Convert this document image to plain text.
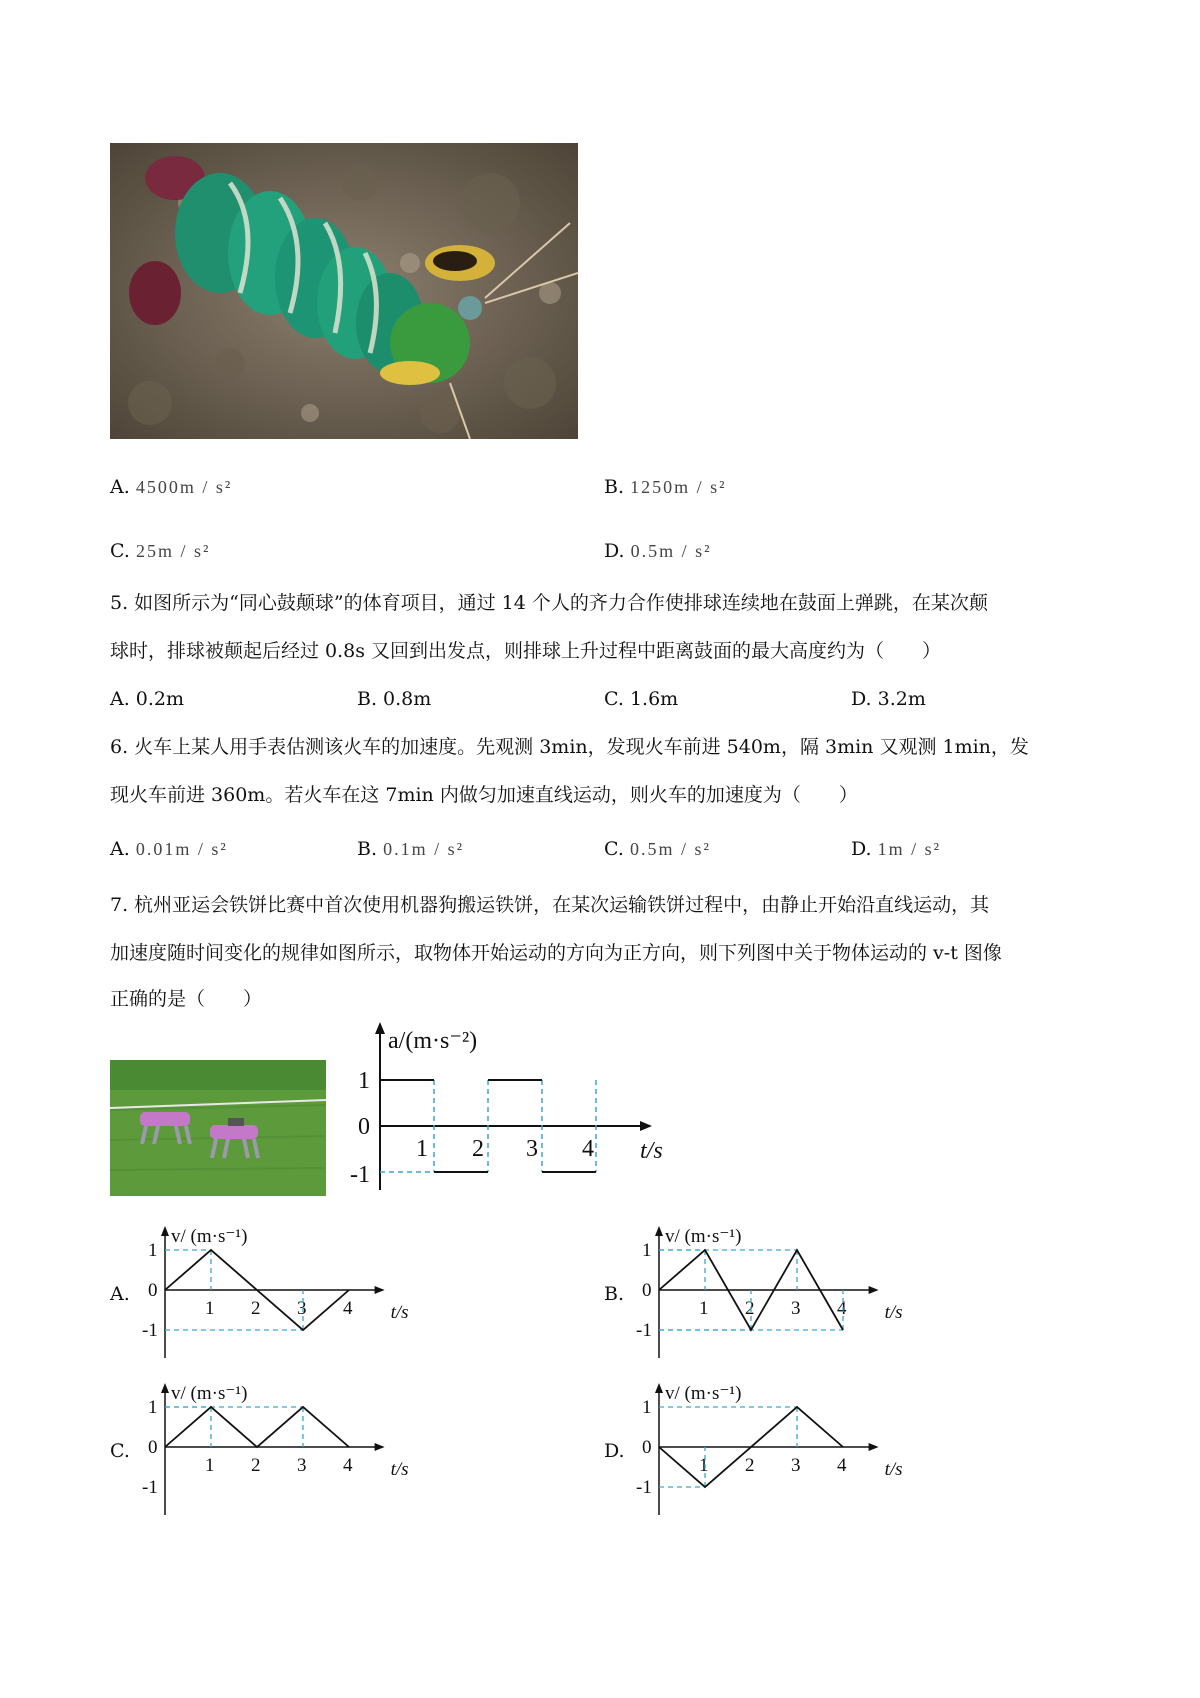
A. 4500m / s²	B. 1250m / s²
C. 25m / s²	D. 0.5m / s²
5. 如图所示为“同心鼓颠球”的体育项目，通过 14 个人的齐力合作使排球连续地在鼓面上弹跳，在某次颠
球时，排球被颠起后经过 0.8s 又回到出发点，则排球上升过程中距离鼓面的最大高度约为（　　）
A. 0.2m	B. 0.8m	C. 1.6m	D. 3.2m
6. 火车上某人用手表估测该火车的加速度。先观测 3min，发现火车前进 540m，隔 3min 又观测 1min，发
现火车前进 360m。若火车在这 7min 内做匀加速直线运动，则火车的加速度为（　　）
A. 0.01m / s²	B. 0.1m / s²	C. 0.5m / s²	D. 1m / s²
7. 杭州亚运会铁饼比赛中首次使用机器狗搬运铁饼，在某次运输铁饼过程中，由静止开始沿直线运动，其
加速度随时间变化的规律如图所示，取物体开始运动的方向为正方向，则下列图中关于物体运动的 v-t 图像
正确的是（　　）
a/(m·s⁻²)
t/s
1
0
-1
1 2 3 4
A.
v/ (m·s⁻¹)
t/s
1
0
-1
1 2 3 4
B.
v/ (m·s⁻¹)
t/s
1
0
-1
1 2 3 4
C.
v/ (m·s⁻¹)
t/s
1
0
-1
1 2 3 4
D.
v/ (m·s⁻¹)
t/s
1
0
-1
1 2 3 4
